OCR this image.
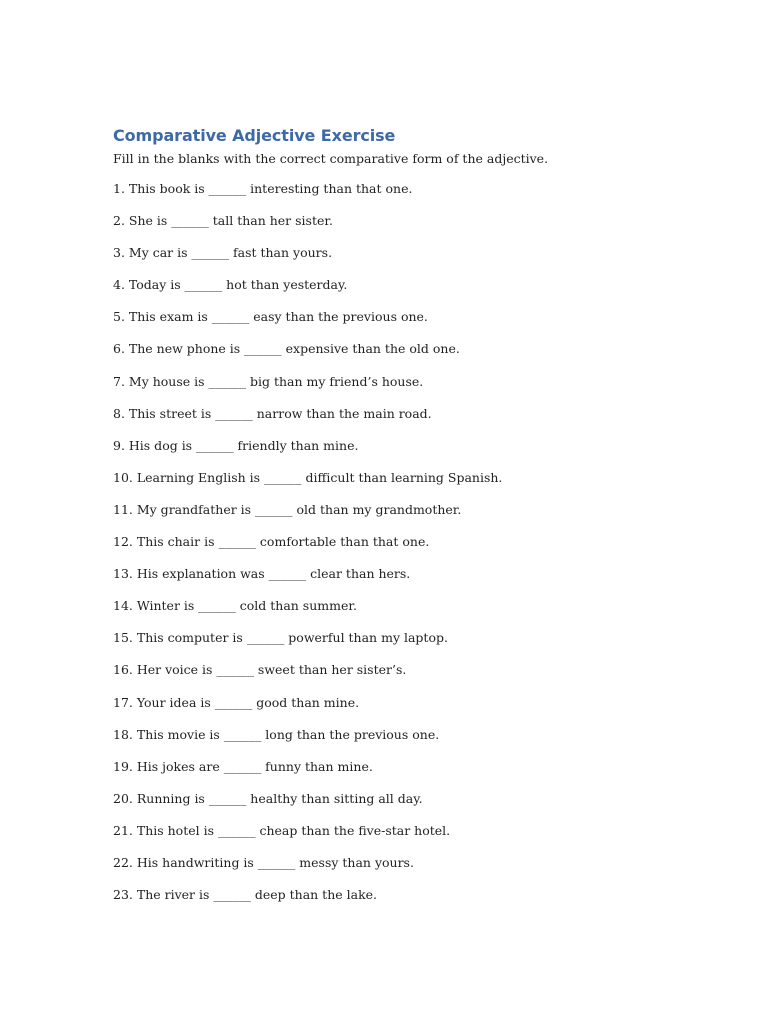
Comparative Adjective Exercise

Fill in the blanks with the correct comparative form of the adjective.

1. This book is ______ interesting than that one.
2. She is ______ tall than her sister.
3. My car is ______ fast than yours.
4. Today is ______ hot than yesterday.
5. This exam is ______ easy than the previous one.
6. The new phone is ______ expensive than the old one.
7. My house is ______ big than my friend’s house.
8. This street is ______ narrow than the main road.
9. His dog is ______ friendly than mine.
10. Learning English is ______ difficult than learning Spanish.
11. My grandfather is ______ old than my grandmother.
12. This chair is ______ comfortable than that one.
13. His explanation was ______ clear than hers.
14. Winter is ______ cold than summer.
15. This computer is ______ powerful than my laptop.
16. Her voice is ______ sweet than her sister’s.
17. Your idea is ______ good than mine.
18. This movie is ______ long than the previous one.
19. His jokes are ______ funny than mine.
20. Running is ______ healthy than sitting all day.
21. This hotel is ______ cheap than the five-star hotel.
22. His handwriting is ______ messy than yours.
23. The river is ______ deep than the lake.
